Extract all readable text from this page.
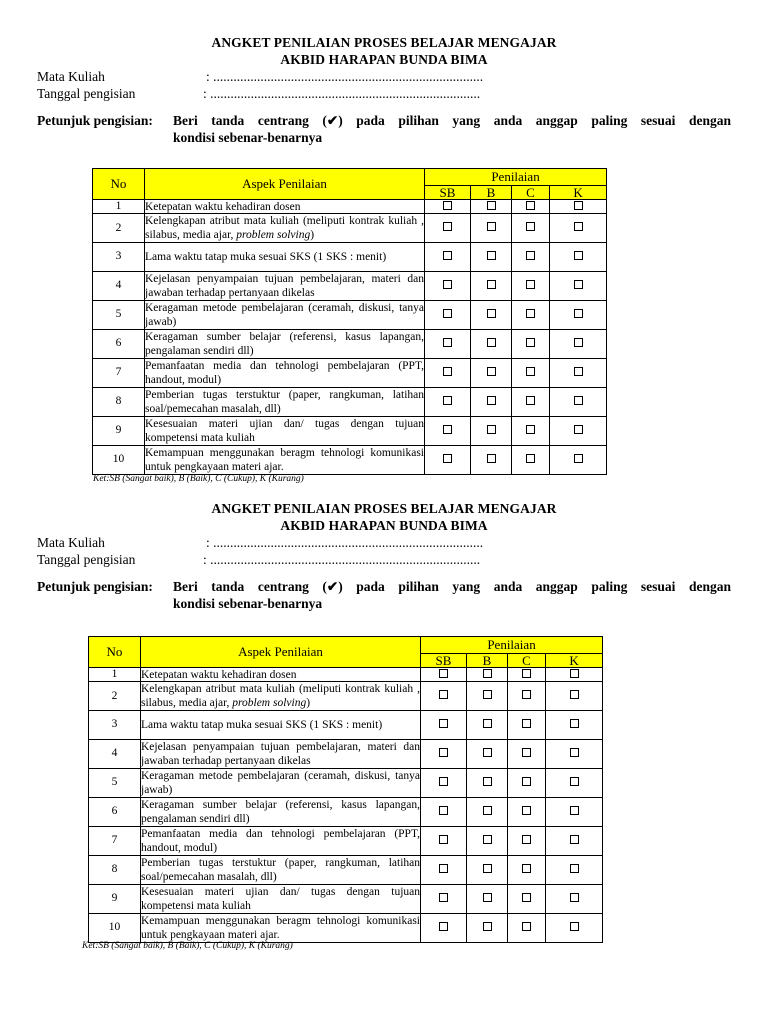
ANGKET PENILAIAN PROSES BELAJAR MENGAJAR
AKBID HARAPAN BUNDA BIMA
Mata Kuliah	: ................................................................................
Tanggal pengisian	: ................................................................................
Petunjuk pengisian: Beri tanda centrang (✔) pada pilihan yang anda anggap paling sesuai dengan
kondisi sebenar-benarnya
No	Aspek Penilaian	Penilaian			
		SB	B	C	K
1	Ketepatan waktu kehadiran dosen				
2	Kelengkapan atribut mata kuliah (meliputi kontrak kuliah , silabus, media ajar, problem solving)				
3	Lama waktu tatap muka sesuai SKS (1 SKS : menit)				
4	Kejelasan penyampaian tujuan pembelajaran, materi dan jawaban terhadap pertanyaan dikelas				
5	Keragaman metode pembelajaran (ceramah, diskusi, tanya jawab)				
6	Keragaman sumber belajar (referensi, kasus lapangan, pengalaman sendiri dll)				
7	Pemanfaatan media dan tehnologi pembelajaran (PPT, handout, modul)				
8	Pemberian tugas terstuktur (paper, rangkuman, latihan soal/pemecahan masalah, dll)				
9	Kesesuaian materi ujian dan/ tugas dengan tujuan kompetensi mata kuliah				
10	Kemampuan menggunakan beragm tehnologi komunikasi untuk pengkayaan materi ajar.				
Ket:SB (Sangat baik), B (Baik), C (Cukup), K (Kurang)
ANGKET PENILAIAN PROSES BELAJAR MENGAJAR
AKBID HARAPAN BUNDA BIMA
Mata Kuliah	: ................................................................................
Tanggal pengisian	: ................................................................................
Petunjuk pengisian: Beri tanda centrang (✔) pada pilihan yang anda anggap paling sesuai dengan
kondisi sebenar-benarnya
No	Aspek Penilaian	Penilaian			
		SB	B	C	K
1	Ketepatan waktu kehadiran dosen				
2	Kelengkapan atribut mata kuliah (meliputi kontrak kuliah , silabus, media ajar, problem solving)				
3	Lama waktu tatap muka sesuai SKS (1 SKS : menit)				
4	Kejelasan penyampaian tujuan pembelajaran, materi dan jawaban terhadap pertanyaan dikelas				
5	Keragaman metode pembelajaran (ceramah, diskusi, tanya jawab)				
6	Keragaman sumber belajar (referensi, kasus lapangan, pengalaman sendiri dll)				
7	Pemanfaatan media dan tehnologi pembelajaran (PPT, handout, modul)				
8	Pemberian tugas terstuktur (paper, rangkuman, latihan soal/pemecahan masalah, dll)				
9	Kesesuaian materi ujian dan/ tugas dengan tujuan kompetensi mata kuliah				
10	Kemampuan menggunakan beragm tehnologi komunikasi untuk pengkayaan materi ajar.				
Ket:SB (Sangat baik), B (Baik), C (Cukup), K (Kurang)
